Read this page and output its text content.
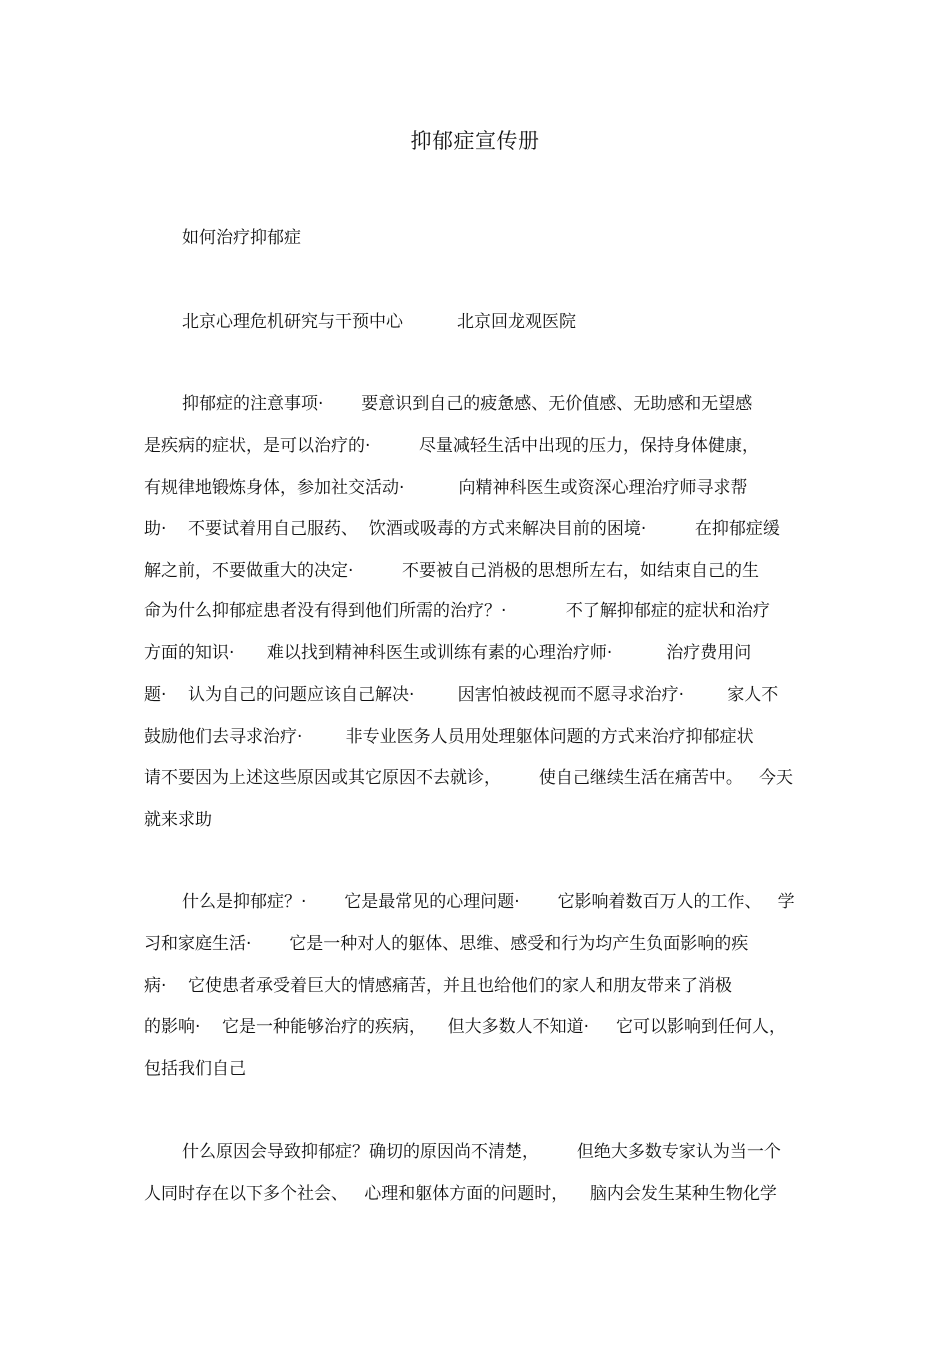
抑郁症宣传册
如何治疗抑郁症
北京心理危机研究与干预中心          北京回龙观医院
抑郁症的注意事项·       要意识到自己的疲惫感、无价值感、无助感和无望感
是疾病的症状，是可以治疗的·         尽量减轻生活中出现的压力，保持身体健康，
有规律地锻炼身体，参加社交活动·          向精神科医生或资深心理治疗师寻求帮
助·    不要试着用自己服药、  饮酒或吸毒的方式来解决目前的困境·         在抑郁症缓
解之前，不要做重大的决定·         不要被自己消极的思想所左右，如结束自己的生
命为什么抑郁症患者没有得到他们所需的治疗？·           不了解抑郁症的症状和治疗
方面的知识·      难以找到精神科医生或训练有素的心理治疗师·          治疗费用问
题·    认为自己的问题应该自己解决·        因害怕被歧视而不愿寻求治疗·        家人不
鼓励他们去寻求治疗·        非专业医务人员用处理躯体问题的方式来治疗抑郁症状
请不要因为上述这些原因或其它原因不去就诊，       使自己继续生活在痛苦中。   今天
就来求助
什么是抑郁症？·       它是最常见的心理问题·       它影响着数百万人的工作、   学
习和家庭生活·       它是一种对人的躯体、思维、感受和行为均产生负面影响的疾
病·    它使患者承受着巨大的情感痛苦，并且也给他们的家人和朋友带来了消极
的影响·    它是一种能够治疗的疾病，    但大多数人不知道·     它可以影响到任何人，
包括我们自己
什么原因会导致抑郁症？确切的原因尚不清楚，       但绝大多数专家认为当一个
人同时存在以下多个社会、   心理和躯体方面的问题时，    脑内会发生某种生物化学
